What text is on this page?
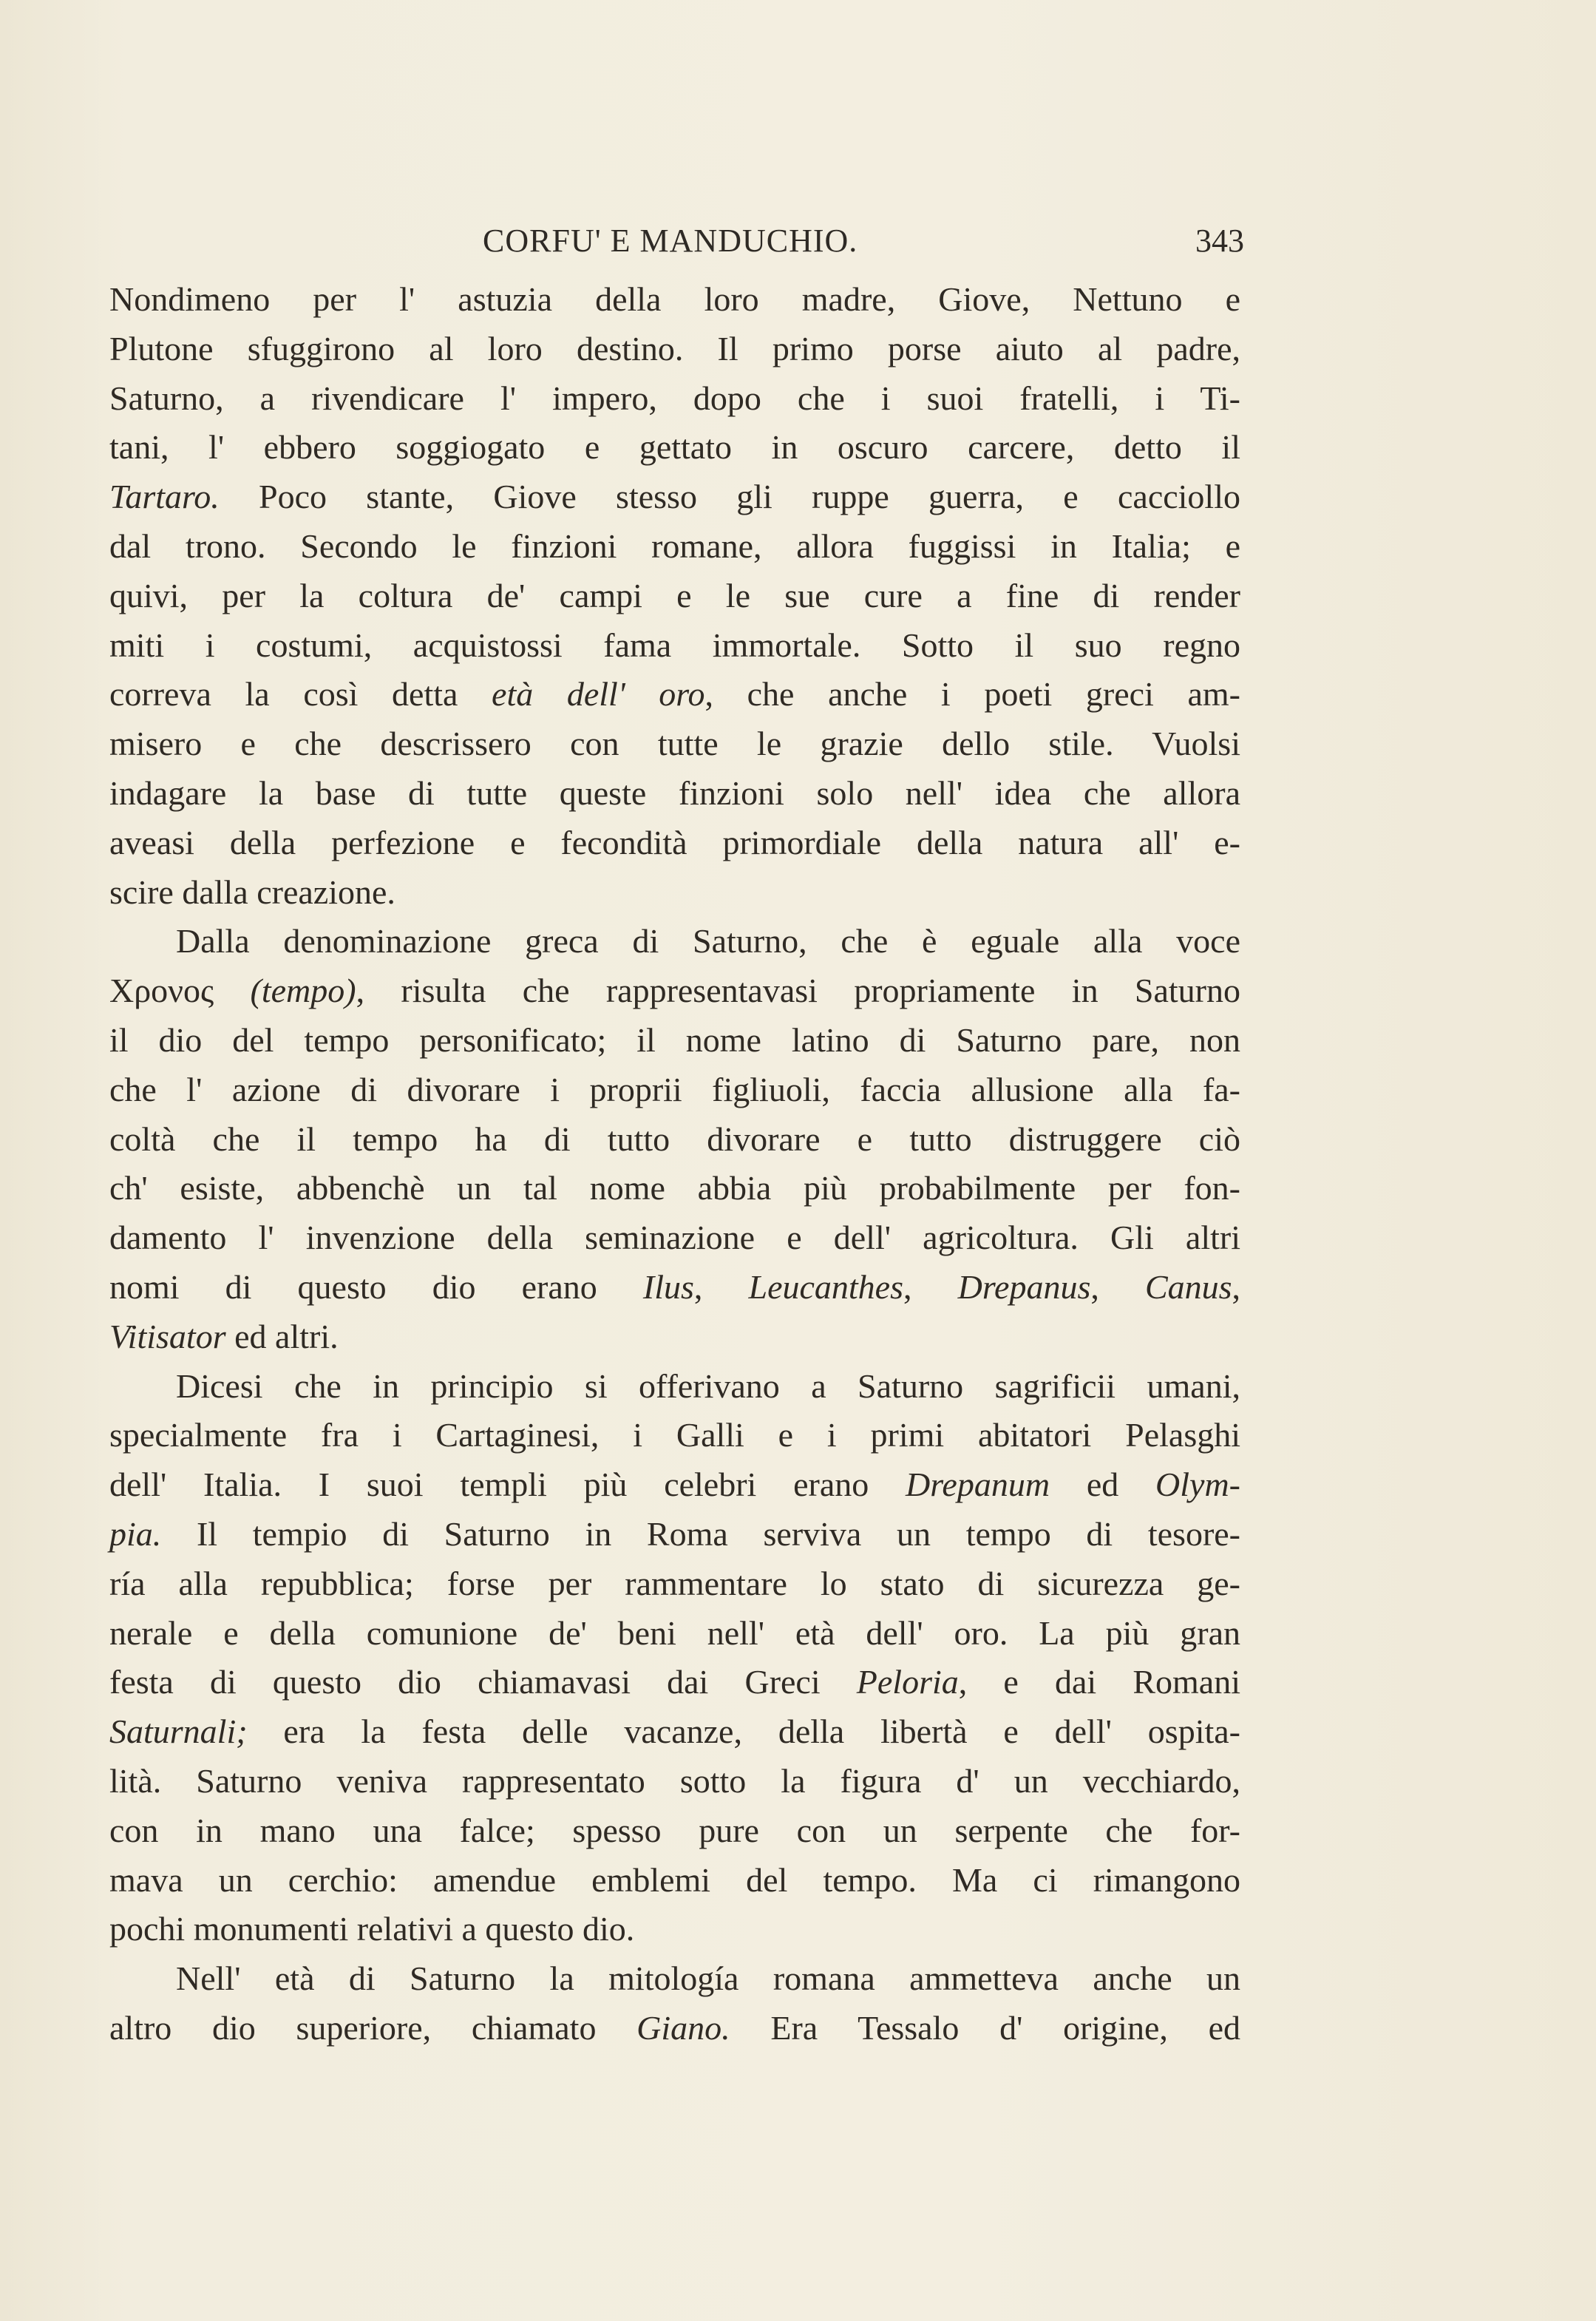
CORFU' E MANDUCHIO.	343
Nondimeno per l' astuzia della loro madre, Giove, Nettuno e
Plutone sfuggirono al loro destino. Il primo porse aiuto al padre,
Saturno, a rivendicare l' impero, dopo che i suoi fratelli, i Ti-
tani, l' ebbero soggiogato e gettato in oscuro carcere, detto il
Tartaro. Poco stante, Giove stesso gli ruppe guerra, e cacciollo
dal trono. Secondo le finzioni romane, allora fuggissi in Italia; e
quivi, per la coltura de' campi e le sue cure a fine di render
miti i costumi, acquistossi fama immortale. Sotto il suo regno
correva la così detta età dell' oro, che anche i poeti greci am-
misero e che descrissero con tutte le grazie dello stile. Vuolsi
indagare la base di tutte queste finzioni solo nell' idea che allora
aveasi della perfezione e fecondità primordiale della natura all' e-
scire dalla creazione.
Dalla denominazione greca di Saturno, che è eguale alla voce
Χρονος (tempo), risulta che rappresentavasi propriamente in Saturno
il dio del tempo personificato; il nome latino di Saturno pare, non
che l' azione di divorare i proprii figliuoli, faccia allusione alla fa-
coltà che il tempo ha di tutto divorare e tutto distruggere ciò
ch' esiste, abbenchè un tal nome abbia più probabilmente per fon-
damento l' invenzione della seminazione e dell' agricoltura. Gli altri
nomi di questo dio erano Ilus, Leucanthes, Drepanus, Canus,
Vitisator ed altri.
Dicesi che in principio si offerivano a Saturno sagrificii umani,
specialmente fra i Cartaginesi, i Galli e i primi abitatori Pelasghi
dell' Italia. I suoi templi più celebri erano Drepanum ed Olym-
pia. Il tempio di Saturno in Roma serviva un tempo di tesore-
ría alla repubblica; forse per rammentare lo stato di sicurezza ge-
nerale e della comunione de' beni nell' età dell' oro. La più gran
festa di questo dio chiamavasi dai Greci Peloria, e dai Romani
Saturnali; era la festa delle vacanze, della libertà e dell' ospita-
lità. Saturno veniva rappresentato sotto la figura d' un vecchiardo,
con in mano una falce; spesso pure con un serpente che for-
mava un cerchio: amendue emblemi del tempo. Ma ci rimangono
pochi monumenti relativi a questo dio.
Nell' età di Saturno la mitología romana ammetteva anche un
altro dio superiore, chiamato Giano. Era Tessalo d' origine, ed
